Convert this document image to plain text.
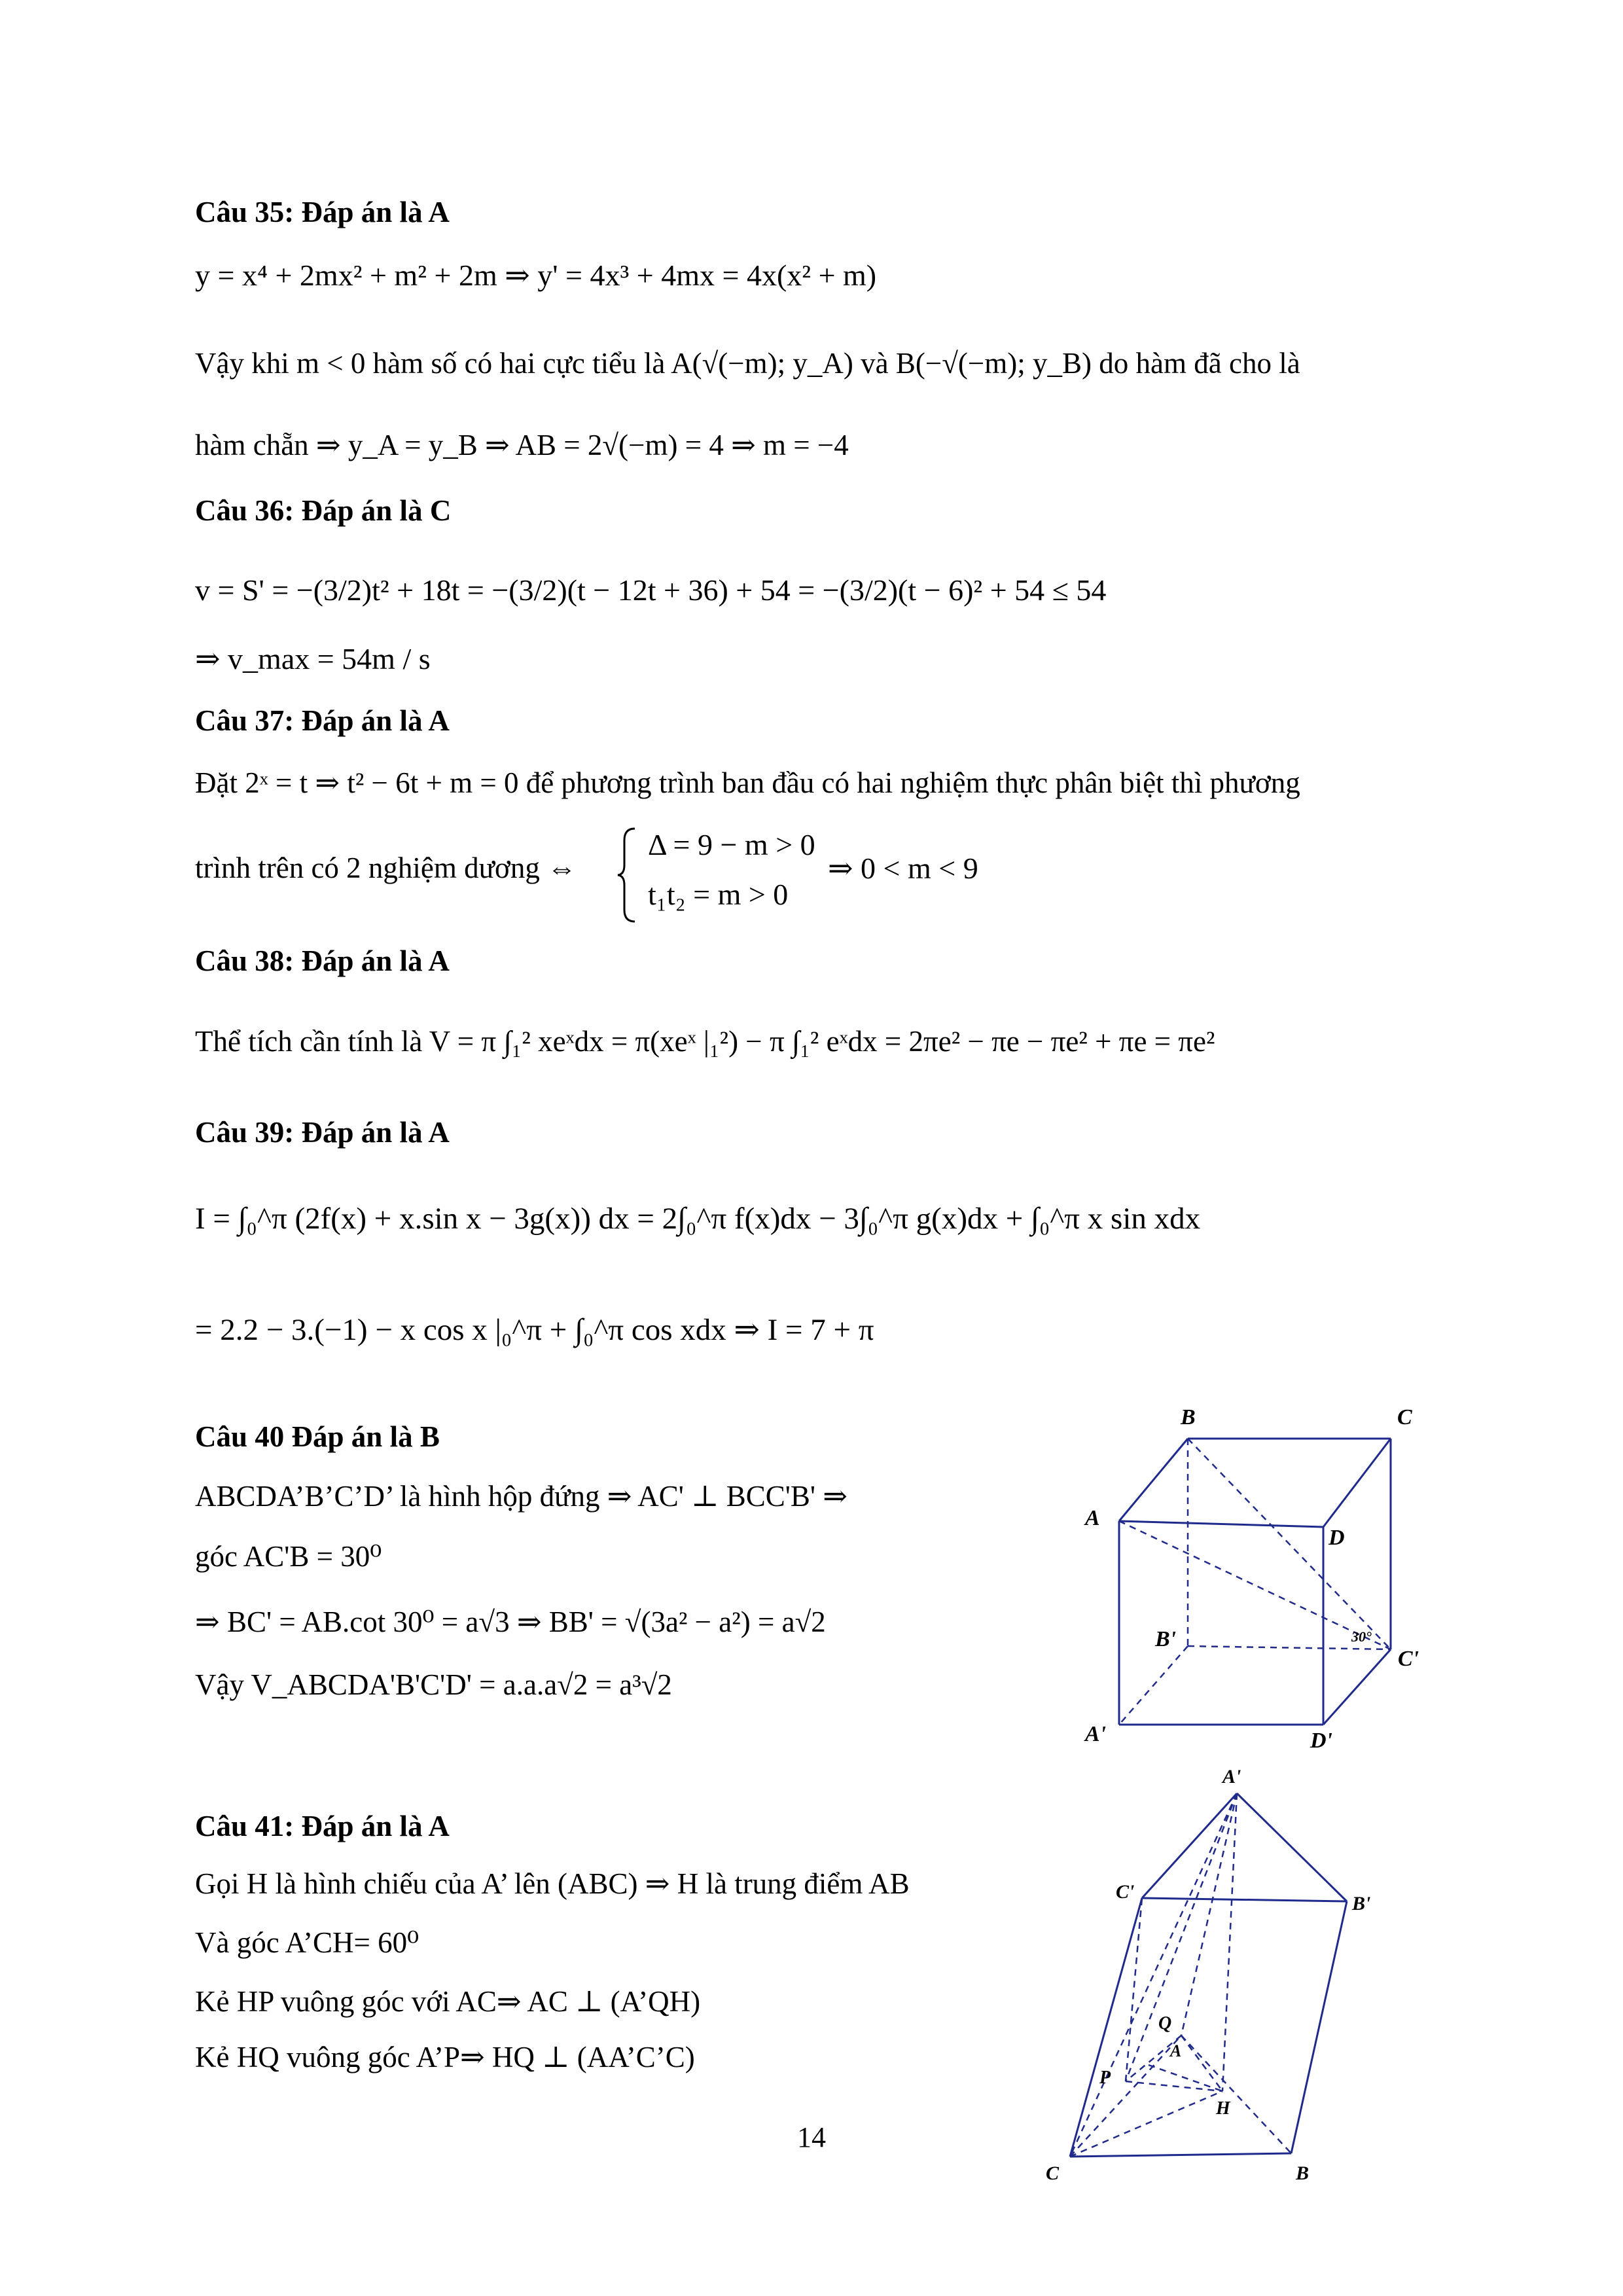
Câu 35: Đáp án là A
y = x⁴ + 2mx² + m² + 2m ⇒ y' = 4x³ + 4mx = 4x(x² + m)
Vậy khi m < 0 hàm số có hai cực tiểu là A(√(−m); y_A) và B(−√(−m); y_B) do hàm đã cho là
hàm chẵn ⇒ y_A = y_B ⇒ AB = 2√(−m) = 4 ⇒ m = −4
Câu 36: Đáp án là C
v = S' = −(3/2)t² + 18t = −(3/2)(t − 12t + 36) + 54 = −(3/2)(t − 6)² + 54 ≤ 54
⇒ v_max = 54m / s
Câu 37: Đáp án là A
Đặt 2ˣ = t ⇒ t² − 6t + m = 0 để phương trình ban đầu có hai nghiệm thực phân biệt thì phương
trình trên có 2 nghiệm dương ⇔
Δ = 9 − m > 0
t₁t₂ = m > 0
⇒ 0 < m < 9
Câu 38: Đáp án là A
Thể tích cần tính là V = π ∫₁² xeˣdx = π(xeˣ |₁²) − π ∫₁² eˣdx = 2πe² − πe − πe² + πe = πe²
Câu 39: Đáp án là A
I = ∫₀^π (2f(x) + x.sin x − 3g(x)) dx = 2∫₀^π f(x)dx − 3∫₀^π g(x)dx + ∫₀^π x sin xdx
= 2.2 − 3.(−1) − x cos x |₀^π + ∫₀^π cos xdx ⇒ I = 7 + π
Câu 40 Đáp án là B
ABCDA’B’C’D’ là hình hộp đứng ⇒ AC' ⊥ BCC'B' ⇒
góc AC'B = 30⁰
⇒ BC' = AB.cot 30⁰ = a√3 ⇒ BB' = √(3a² − a²) = a√2
Vậy V_ABCDA'B'C'D' = a.a.a√2 = a³√2
B	C
A
D
B'
C'
A'	D'
30°
Câu 41: Đáp án là A
Gọi H là hình chiếu của A’ lên (ABC) ⇒ H là trung điểm AB
Và góc A’CH= 60⁰
Kẻ HP vuông góc với AC⇒ AC ⊥ (A’QH)
Kẻ HQ vuông góc A’P⇒ HQ ⊥ (AA’C’C)
A'
C'
B'
Q
A
P
H
C	B
14
